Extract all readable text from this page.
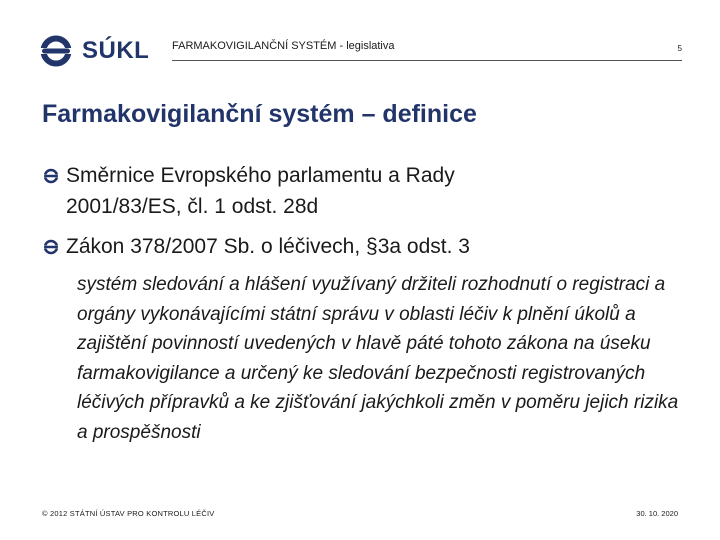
SÚKL FARMAKOVIGILANČNÍ SYSTÉM - legislativa	5
Farmakovigilanční systém – definice
Směrnice Evropského parlamentu a Rady
2001/83/ES, čl. 1 odst. 28d
Zákon 378/2007 Sb. o léčivech, §3a odst. 3
systém sledování a hlášení využívaný držiteli rozhodnutí o registraci a orgány vykonávajícími státní správu v oblasti léčiv k plnění úkolů a zajištění povinností uvedených v hlavě páté tohoto zákona na úseku farmakovigilance a určený ke sledování bezpečnosti registrovaných léčivých přípravků a ke zjišťování jakýchkoli změn v poměru jejich rizika a prospěšnosti
© 2012 STÁTNÍ ÚSTAV PRO KONTROLU LÉČIV	30. 10. 2020
